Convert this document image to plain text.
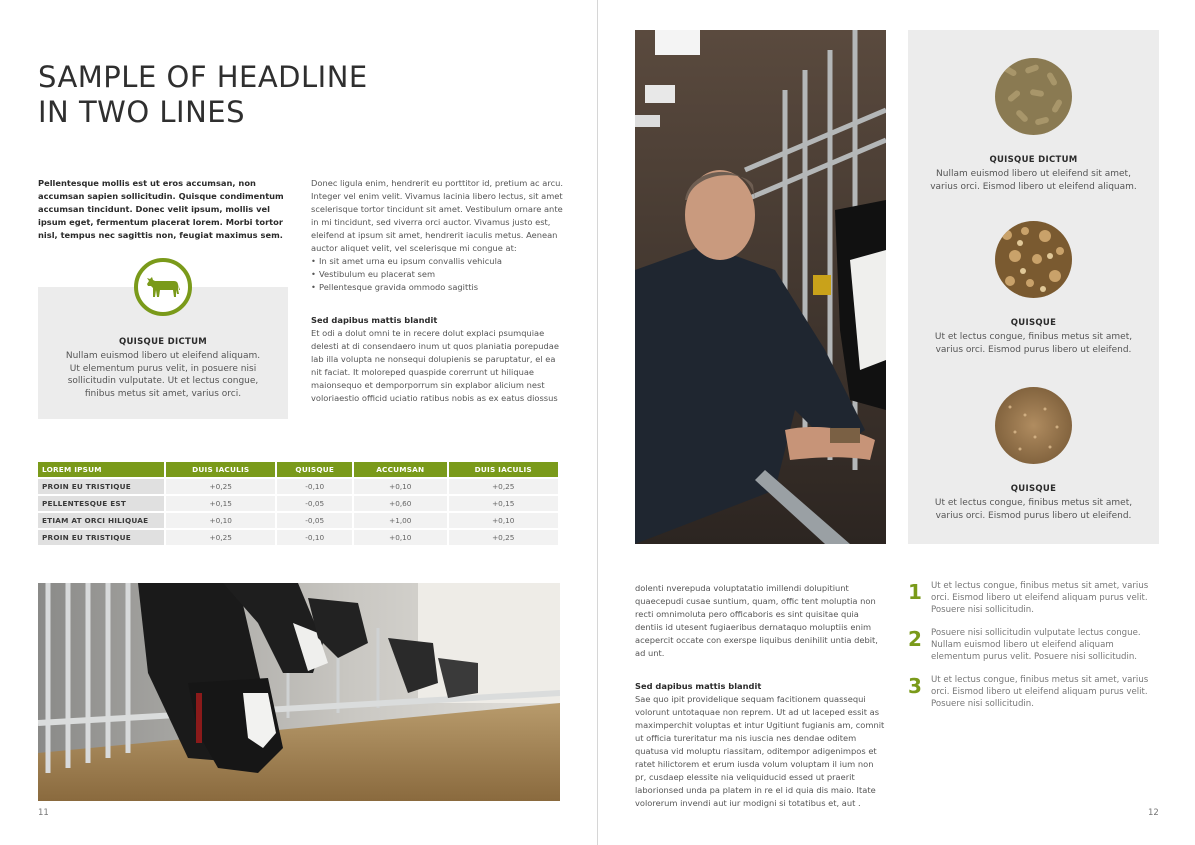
SAMPLE OF HEADLINE
IN TWO LINES

Pellentesque mollis est ut eros accumsan, non accumsan sapien sollicitudin. Quisque condimentum accumsan tincidunt. Donec velit ipsum, mollis vel ipsum eget, fermentum placerat lorem. Morbi tortor nisl, tempus nec sagittis non, feugiat maximus sem.

Donec ligula enim, hendrerit eu porttitor id, pretium ac arcu. Integer vel enim velit. Vivamus lacinia libero lectus, sit amet scelerisque tortor tincidunt sit amet. Vestibulum ornare ante in mi tincidunt, sed viverra orci auctor. Vivamus justo est, eleifend at ipsum sit amet, hendrerit iaculis metus. Aenean auctor aliquet velit, vel scelerisque mi congue at:

• In sit amet urna eu ipsum convallis vehicula
• Vestibulum eu placerat sem
• Pellentesque gravida ommodo sagittis

Sed dapibus mattis blandit

Et odi a dolut omni te in recere dolut explaci psumquiae delesti at di consendaero inum ut quos planiatia porepudae lab illa volupta ne nonsequi dolupienis se paruptatur, el ea nit faciat. It moloreped quaspide corerrunt ut hiliquae maionsequo et demporporrum sin explabor alicium nest voloriaestio officid uciatio ratibus nobis as ex eatus diossus

QUISQUE DICTUM
Nullam euismod libero ut eleifend aliquam. Ut elementum purus velit, in posuere nisi sollicitudin vulputate. Ut et lectus congue, finibus metus sit amet, varius orci.
LOREM IPSUM	DUIS IACULIS	QUISQUE	ACCUMSAN	DUIS IACULIS
PROIN EU TRISTIQUE	+0,25	-0,10	+0,10	+0,25
PELLENTESQUE EST	+0,15	-0,05	+0,60	+0,15
ETIAM AT ORCI HILIQUAE	+0,10	-0,05	+1,00	+0,10
PROIN EU TRISTIQUE	+0,25	-0,10	+0,10	+0,25
11
QUISQUE DICTUM
Nullam euismod libero ut eleifend sit amet, varius orci. Eismod libero ut eleifend aliquam.
QUISQUE
Ut et lectus congue, finibus metus sit amet, varius orci. Eismod purus libero ut eleifend.
QUISQUE
Ut et lectus congue, finibus metus sit amet, varius orci. Eismod purus libero ut eleifend.

dolenti nverepuda voluptatatio imillendi dolupitiunt quaecepudi cusae suntium, quam, offic tent moluptia non recti omnimoluta pero officaboris es sint quisitae quia dentiis id utesent fugiaeribus dernataquo moluptiis enim acepercit occate con exerspe liquibus denihilit untia debit, ad unt.

Sed dapibus mattis blandit

Sae quo ipit providelique sequam facitionem quassequi volorunt untotaquae non reprem. Ut ad ut laceped essit as maximperchit voluptas et intur Ugitiunt fugianis am, comnit ut officia tureritatur ma nis iuscia nes dendae oditem quatusa vid moluptu riassitam, oditempor adigenimpos et ratet hilictorem et erum iusda volum voluptam il ium non pr, cusdaep elessite nia veliquiducid essed ut praerit laborionsed unda pa platem in re el id quia dis maio. Itate volorerum invendi aut iur modigni si totatibus et, aut .

1 Ut et lectus congue, finibus metus sit amet, varius orci. Eismod libero ut eleifend aliquam purus velit. Posuere nisi sollicitudin.
2 Posuere nisi sollicitudin vulputate lectus congue. Nullam euismod libero ut eleifend aliquam elementum purus velit. Posuere nisi sollicitudin.
3 Ut et lectus congue, finibus metus sit amet, varius orci. Eismod libero ut eleifend aliquam purus velit. Posuere nisi sollicitudin.
12
